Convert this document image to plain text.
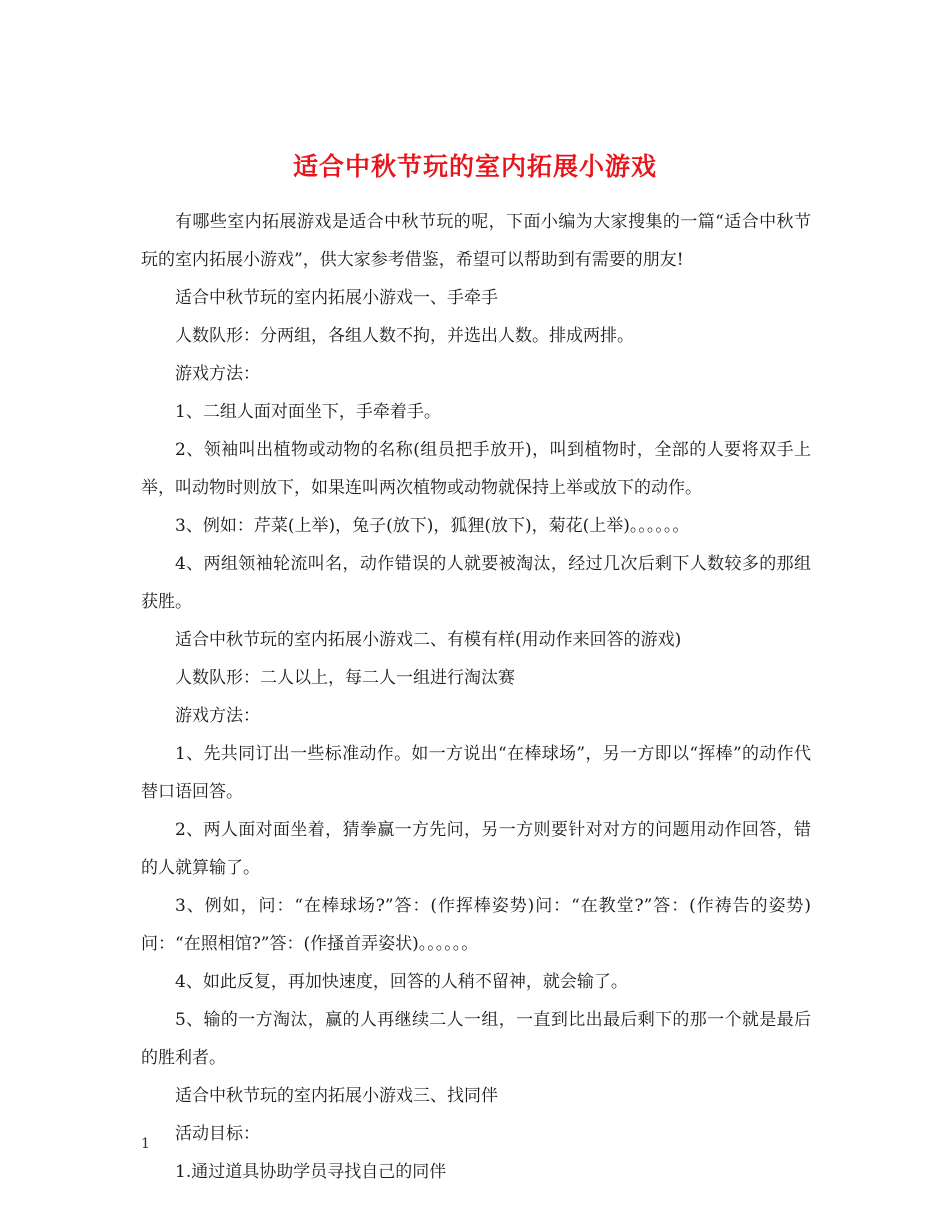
适合中秋节玩的室内拓展小游戏

有哪些室内拓展游戏是适合中秋节玩的呢，下面小编为大家搜集的一篇“适合中秋节玩的室内拓展小游戏”，供大家参考借鉴，希望可以帮助到有需要的朋友!

适合中秋节玩的室内拓展小游戏一、手牵手

人数队形：分两组，各组人数不拘，并选出人数。排成两排。

游戏方法：

1、二组人面对面坐下，手牵着手。

2、领袖叫出植物或动物的名称(组员把手放开)，叫到植物时，全部的人要将双手上举，叫动物时则放下，如果连叫两次植物或动物就保持上举或放下的动作。

3、例如：芹菜(上举)，兔子(放下)，狐狸(放下)，菊花(上举)。。。。。。

4、两组领袖轮流叫名，动作错误的人就要被淘汰，经过几次后剩下人数较多的那组获胜。

适合中秋节玩的室内拓展小游戏二、有模有样(用动作来回答的游戏)

人数队形：二人以上，每二人一组进行淘汰赛

游戏方法：

1、先共同订出一些标准动作。如一方说出“在棒球场”，另一方即以“挥棒”的动作代替口语回答。

2、两人面对面坐着，猜拳赢一方先问，另一方则要针对对方的问题用动作回答，错的人就算输了。

3、例如，问：“在棒球场?”答：(作挥棒姿势)问：“在教堂?”答：(作祷告的姿势)问：“在照相馆?”答：(作搔首弄姿状)。。。。。。

4、如此反复，再加快速度，回答的人稍不留神，就会输了。

5、输的一方淘汰，赢的人再继续二人一组，一直到比出最后剩下的那一个就是最后的胜利者。

适合中秋节玩的室内拓展小游戏三、找同伴

活动目标：

1.通过道具协助学员寻找自己的同伴

1
